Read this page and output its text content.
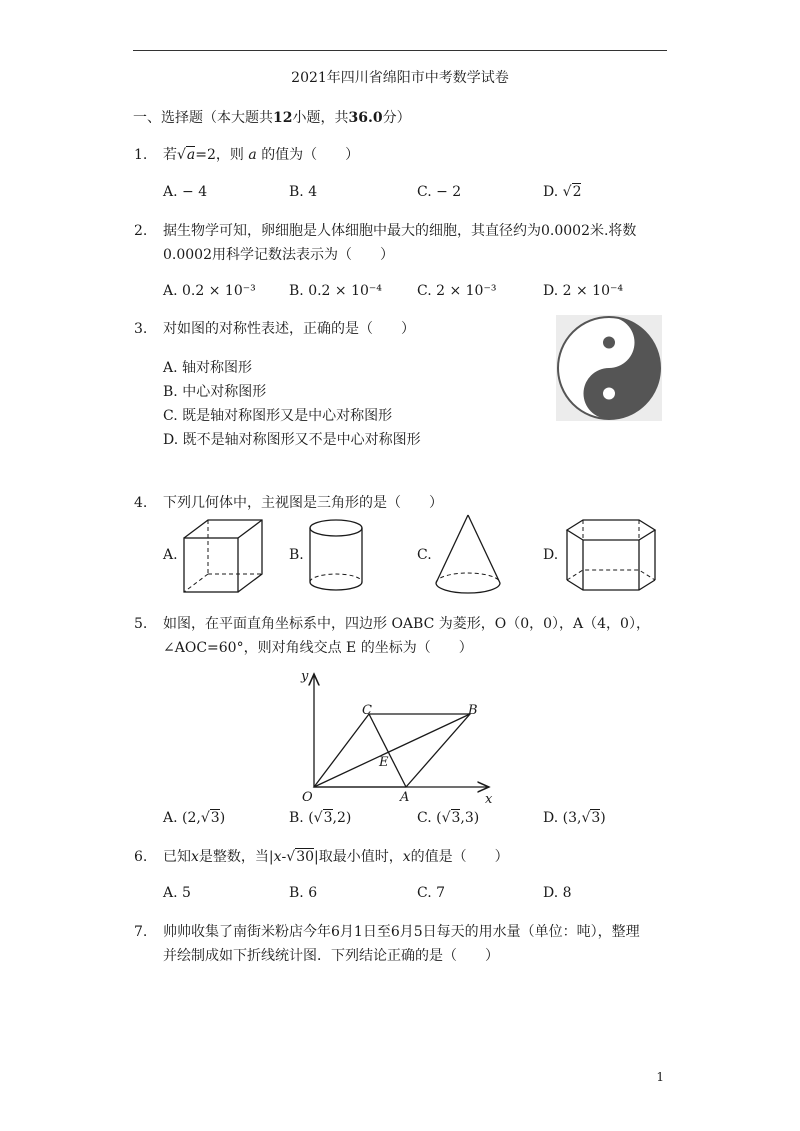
2021年四川省绵阳市中考数学试卷
一、选择题（本大题共12小题，共36.0分）
1. 若√a=2，则 a 的值为（　　）
A. − 4	B. 4	C. − 2	D. √2
2. 据生物学可知，卵细胞是人体细胞中最大的细胞，其直径约为0.0002米.将数0.0002用科学记数法表示为（　　）
A. 0.2 × 10⁻³ B. 0.2 × 10⁻⁴	C. 2 × 10⁻³	D. 2 × 10⁻⁴
3. 对如图的对称性表述，正确的是（　　）
A. 轴对称图形
B. 中心对称图形
C. 既是轴对称图形又是中心对称图形
D. 既不是轴对称图形又不是中心对称图形
4. 下列几何体中，主视图是三角形的是（　　）
A.	B.	C.	D.
5. 如图，在平面直角坐标系中，四边形 OABC 为菱形，O（0，0），A（4，0），
∠AOC=60°，则对角线交点 E 的坐标为（　　）
y
x
O	A
B
C
E
A. (2,√3)	B. (√3,2)	C. (√3,3)	D. (3,√3)
6. 已知x是整数，当|x-√30|取最小值时，x的值是（　　）
A. 5	B. 6	C. 7	D. 8
7. 帅帅收集了南街米粉店今年6月1日至6月5日每天的用水量（单位：吨），整理
并绘制成如下折线统计图．下列结论正确的是（　　）
1
